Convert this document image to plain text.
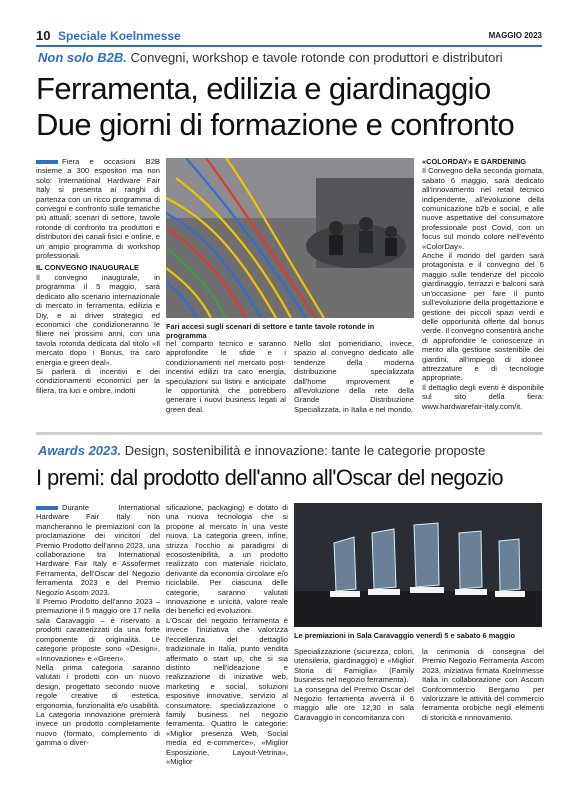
10 Speciale Koelnmesse	MAGGIO 2023
Non solo B2B. Convegni, workshop e tavole rotonde con produttori e distributori
Ferramenta, edilizia e giardinaggio
Due giorni di formazione e confronto

Fiera e occasioni B2B insieme a 300 espositori ma non solo: International Hardware Fair Italy si presenta ai ranghi di partenza con un ricco programma di convegni e confronto sulle tematiche più attuali: scenari di settore, tavole rotonde di confronto tra produttori e distributori dei canali fisici e online, e un ampio programma di workshop professionali.

IL CONVEGNO INAUGURALE

Il convegno inaugurale, in programma il 5 maggio, sarà dedicato allo scenario internazionale di mercato in ferramenta, edilizia e Diy, e ai driver strategici ed economici che condizioneranno le filiere nei prossimi anni, con una tavola rotonda dedicata dal titolo «Il mercato dopo i Bonus, tra caro energia e green deal».

Si parlerà di incentivi e dei condizionamenti economici per la filiera, tra luci e ombre, indotti

Fari accesi sugli scenari di settore e tante tavole rotonde in programma

nel comparto tecnico e saranno approfondite le sfide e i condizionamenti nel mercato post-incentivi edilizi tra caro energia, speculazioni sui listini e anticipate le opportunità che potrebbero generare i nuovi business legati al green deal.

Nello slot pomeridiano, invece, spazio al convegno dedicato alle tendenze della moderna distribuzione specializzata dall'home improvement e all'evoluzione della rete della Grande Distribuzione Specializzata, in Italia e nel mondo.

«COLORDAY» E GARDENING

Il Convegno della seconda giornata, sabato 6 maggio, sarà dedicato all'innovamento nel retail tecnico indipendente, all'evoluzione della comunicazione b2b e social, e alle nuove aspettative del consumatore professionale post Covid, con un focus sul mondo colore nell'evento «ColorDay».

Anche il mondo del garden sarà protagonista e il convegno del 6 maggio sulle tendenze del piccolo giardinaggio, terrazzi e balconi sarà un'occasione per fare il punto sull'evoluzione della progettazione e gestione dei piccoli spazi verdi e delle opportunità offerte dal bonus verde. Il convegno consentirà anche di approfondire le conoscenze in merito alla gestione sostenibile dei giardini, all'impiego di idonee attrezzature e di tecnologie appropriate.

Il dettaglio degli eventi è disponibile sul sito della fiera: www.hardwarefair-italy.com/it.

Awards 2023. Design, sostenibilità e innovazione: tante le categorie proposte
I premi: dal prodotto dell'anno all'Oscar del negozio

Durante International Hardware Fair Italy non mancheranno le premiazioni con la proclamazione dei vincitori del Premio Prodotto dell'anno 2023, una collaborazione tra International Hardware Fair Italy e Assofermet Ferramenta, dell'Oscar del Negozio ferramenta 2023 e del Premio Negozio Ascom 2023.

Il Premio Prodotto dell'anno 2023 – premiazione il 5 maggio ore 17 nella sala Caravaggio – è riservato a prodotti caratterizzati da una forte componente di originalità. Le categorie proposte sono «Design», «Innovazione» e «Green».

Nella prima categoria saranno valutati i prodotti con un nuovo design, progettato secondo nuove regole creative di estetica, ergonomia, funzionalità e/o usabilità. La categoria innovazione premierà invece un prodotto completamente nuovo (formato, complemento di gamma o diver-

sificazione, packaging) e dotato di una nuova tecnologia che si propone al mercato in una veste nuova. La categoria green, infine, strizza l'occhio ai paradigmi di ecosostenibilità, a un prodotto realizzato con materiale riciclato, derivante da economia circolare e/o riciclabile. Per ciascuna delle categorie, saranno valutati innovazione e unicità, valore reale dei benefici ed evoluzioni.

L'Oscar del negozio ferramenta è invece l'iniziativa che valorizza l'eccellenza del dettaglio tradizionale in Italia, punto vendita affermato o start up, che si sia distinto nell'ideazione e realizzazione di iniziative web, marketing e social, soluzioni espositive innovative, servizio al consumatore, specializzazione o family business nel negozio ferramenta. Quattro le categorie: «Miglior presenza Web, Social media ed e-commerce», «Miglior Esposizione, Layout-Vetrina», «Miglior

Le premiazioni in Sala Caravaggio venerdì 5 e sabato 6 maggio

Specializzazione (sicurezza, colori, utensileria, giardinaggio) e «Miglior Storia di Famiglia» (Family business nel negozio ferramenta).

La consegna del Premio Oscar del Negozio ferramenta avverrà il 6 maggio alle ore 12,30 in sala Caravaggio in concomitanza con

la cerimonia di consegna del Premio Negozio Ferramenta Ascom 2023, iniziativa firmata Koelnmesse Italia in collaborazione con Ascom Confcommercio Bergamo per valorizzare le attività del commercio ferramenta orobiche negli elementi di storicità e rinnovamento.
